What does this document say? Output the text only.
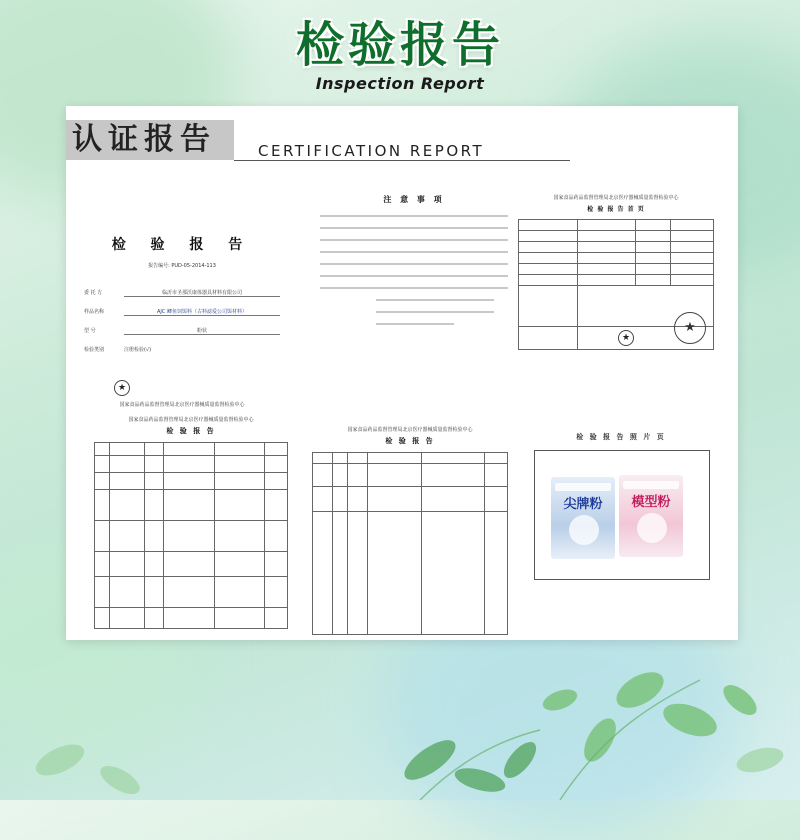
检验报告
Inspection Report
认证报告	CERTIFICATION REPORT
检 验 报 告
报告编号: PUD-05-2014-113
委 托 方	临沂市圣那沃康体器具材料有限公司
样品名称	AJC 鲫鱼饲饵料（古料滤爱公司饵材料）
型 号	粉状
检验类别	注册检验(√)
★
国家食品药品监督管理局北京医疗器械质量监督检验中心
注 意 事 项	国家食品药品监督管理局北京医疗器械质量监督检验中心
检 验 报 告 首 页

★
★
国家食品药品监督管理局北京医疗器械质量监督检验中心
检 验 报 告

						国家食品药品监督管理局北京医疗器械质量监督检验中心
检 验 报 告

						检 验 报 告 照 片 页
尖牌粉	模型粉
